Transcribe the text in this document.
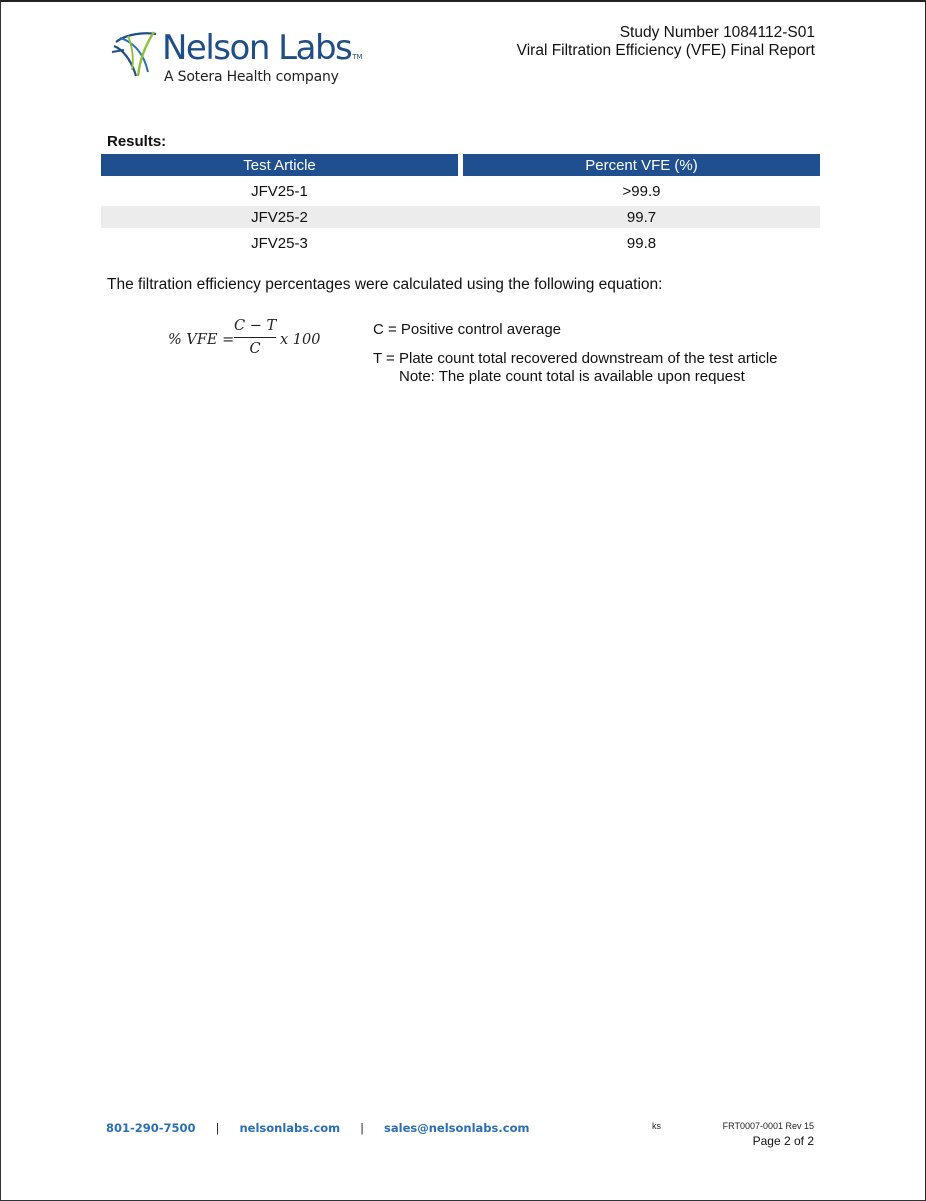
Nelson LabsTM
A Sotera Health company
Study Number 1084112-S01
Viral Filtration Efficiency (VFE) Final Report
Results:
Test Article	Percent VFE (%)
JFV25-1	>99.9
JFV25-2	99.7
JFV25-3	99.8
The filtration efficiency percentages were calculated using the following equation:
% VFE =
C − T
C
x 100
C = Positive control average
T = Plate count total recovered downstream of the test article
Note: The plate count total is available upon request
801-290-7500 | nelsonlabs.com | sales@nelsonlabs.com	ks	FRT0007-0001 Rev 15
Page 2 of 2
